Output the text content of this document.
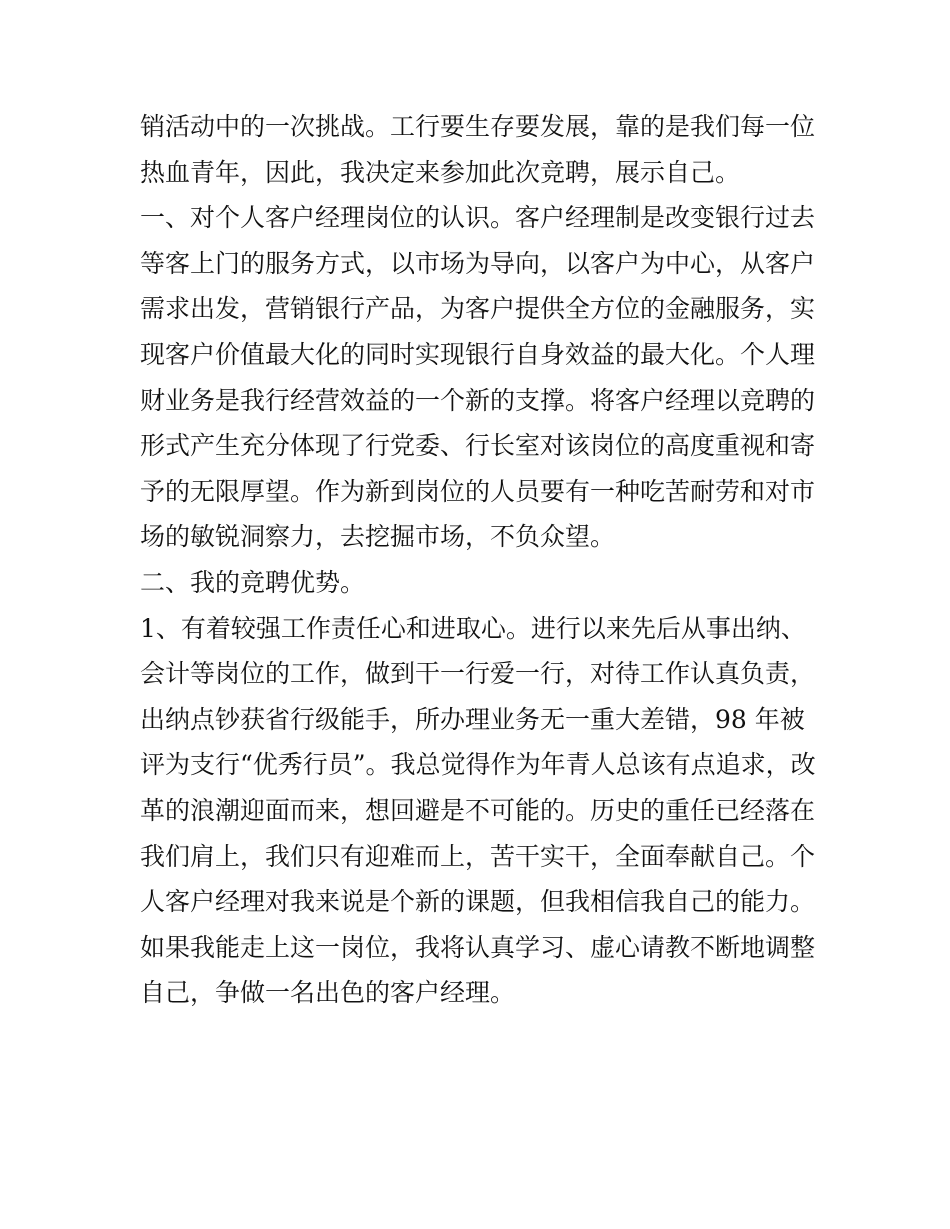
销活动中的一次挑战。工行要生存要发展，靠的是我们每一位
热血青年，因此，我决定来参加此次竞聘，展示自己。
一、对个人客户经理岗位的认识。客户经理制是改变银行过去
等客上门的服务方式，以市场为导向，以客户为中心，从客户
需求出发，营销银行产品，为客户提供全方位的金融服务，实
现客户价值最大化的同时实现银行自身效益的最大化。个人理
财业务是我行经营效益的一个新的支撑。将客户经理以竞聘的
形式产生充分体现了行党委、行长室对该岗位的高度重视和寄
予的无限厚望。作为新到岗位的人员要有一种吃苦耐劳和对市
场的敏锐洞察力，去挖掘市场，不负众望。
二、我的竞聘优势。
1、有着较强工作责任心和进取心。进行以来先后从事出纳、
会计等岗位的工作，做到干一行爱一行，对待工作认真负责，
出纳点钞获省行级能手，所办理业务无一重大差错，98 年被
评为支行“优秀行员”。我总觉得作为年青人总该有点追求，改
革的浪潮迎面而来，想回避是不可能的。历史的重任已经落在
我们肩上，我们只有迎难而上，苦干实干，全面奉献自己。个
人客户经理对我来说是个新的课题，但我相信我自己的能力。
如果我能走上这一岗位，我将认真学习、虚心请教不断地调整
自己，争做一名出色的客户经理。
